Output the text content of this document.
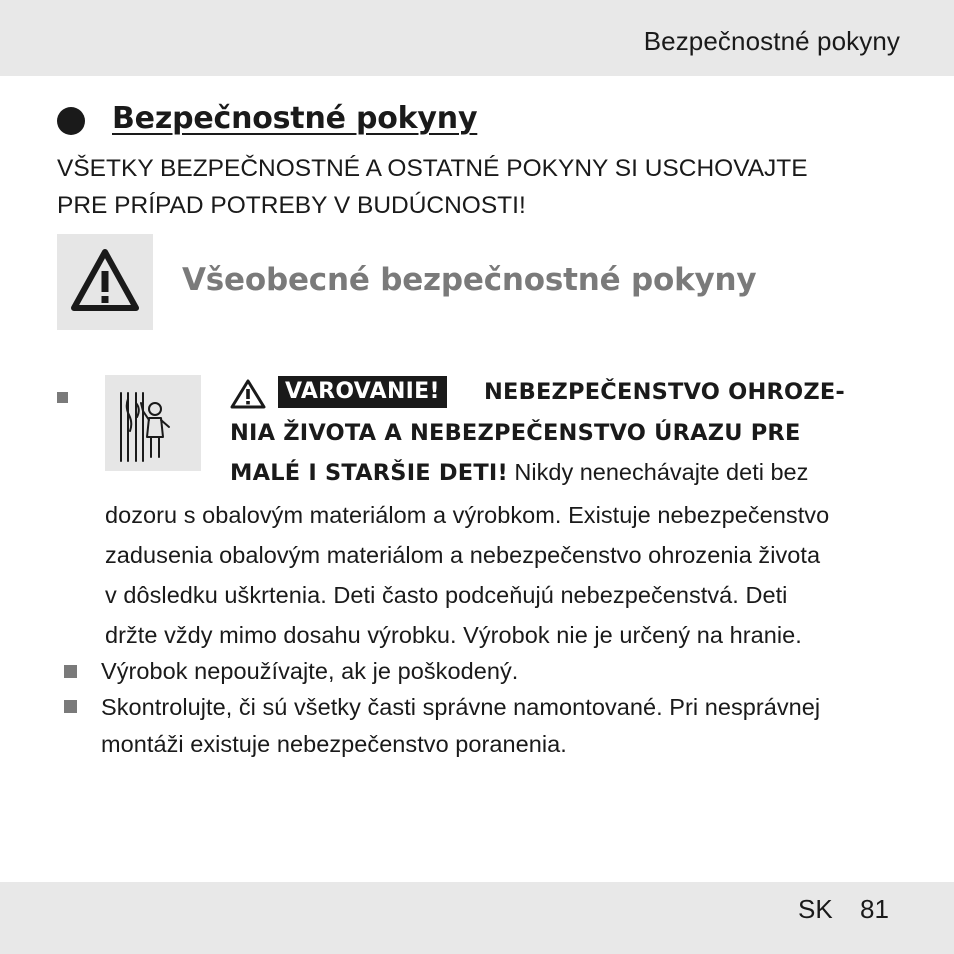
Bezpečnostné pokyny
Bezpečnostné pokyny
VŠETKY BEZPEČNOSTNÉ A OSTATNÉ POKYNY SI USCHOVAJTE
PRE PRÍPAD POTREBY V BUDÚCNOSTI!
Všeobecné bezpečnostné pokyny
VAROVANIE!	NEBEZPEČENSTVO OHROZE-
NIA ŽIVOTA A NEBEZPEČENSTVO ÚRAZU PRE
MALÉ I STARŠIE DETI! Nikdy nenechávajte deti bez
dozoru s obalovým materiálom a výrobkom. Existuje nebezpečenstvo
zadusenia obalovým materiálom a nebezpečenstvo ohrozenia života
v dôsledku uškrtenia. Deti často podceňujú nebezpečenstvá. Deti
držte vždy mimo dosahu výrobku. Výrobok nie je určený na hranie.
Výrobok nepoužívajte, ak je poškodený.
Skontrolujte, či sú všetky časti správne namontované. Pri nesprávnej
montáži existuje nebezpečenstvo poranenia.
SK 81
